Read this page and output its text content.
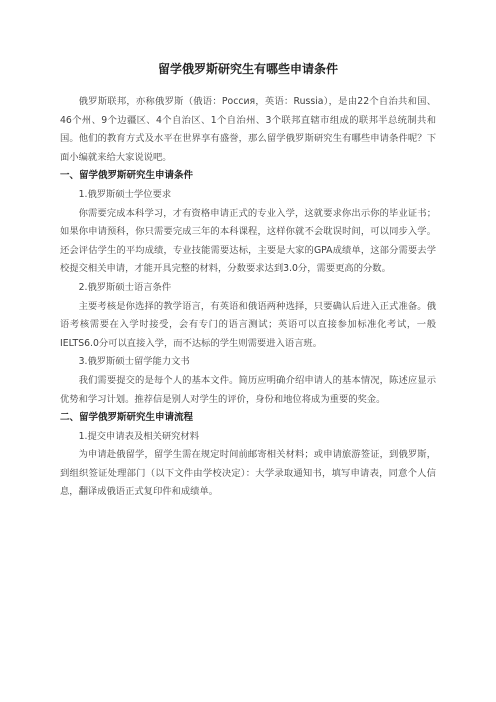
留学俄罗斯研究生有哪些申请条件

俄罗斯联邦，亦称俄罗斯（俄语：Россия，英语：Russia），是由22个自治共和国、46个州、9个边疆区、4个自治区、1个自治州、3个联邦直辖市组成的联邦半总统制共和国。他们的教育方式及水平在世界享有盛誉，那么留学俄罗斯研究生有哪些申请条件呢？下面小编就来给大家说说吧。

一、留学俄罗斯研究生申请条件

1.俄罗斯硕士学位要求

你需要完成本科学习，才有资格申请正式的专业入学，这就要求你出示你的毕业证书；如果你申请预科，你只需要完成三年的本科课程，这样你就不会耽误时间，可以同步入学。还会评估学生的平均成绩，专业技能需要达标，主要是大家的GPA成绩单，这部分需要去学校提交相关申请，才能开具完整的材料，分数要求达到3.0分，需要更高的分数。

2.俄罗斯硕士语言条件

主要考核是你选择的教学语言，有英语和俄语两种选择，只要确认后进入正式准备。俄语考核需要在入学时接受，会有专门的语言测试；英语可以直接参加标准化考试，一般IELTS6.0分可以直接入学，而不达标的学生则需要进入语言班。

3.俄罗斯硕士留学能力文书

我们需要提交的是每个人的基本文件。简历应明确介绍申请人的基本情况，陈述应显示优势和学习计划。推荐信是别人对学生的评价，身份和地位将成为重要的奖金。

二、留学俄罗斯研究生申请流程

1.提交申请表及相关研究材料

为申请赴俄留学，留学生需在规定时间前邮寄相关材料；或申请旅游签证，到俄罗斯，到组织签证处理部门（以下文件由学校决定）：大学录取通知书，填写申请表，同意个人信息，翻译成俄语正式复印件和成绩单。
